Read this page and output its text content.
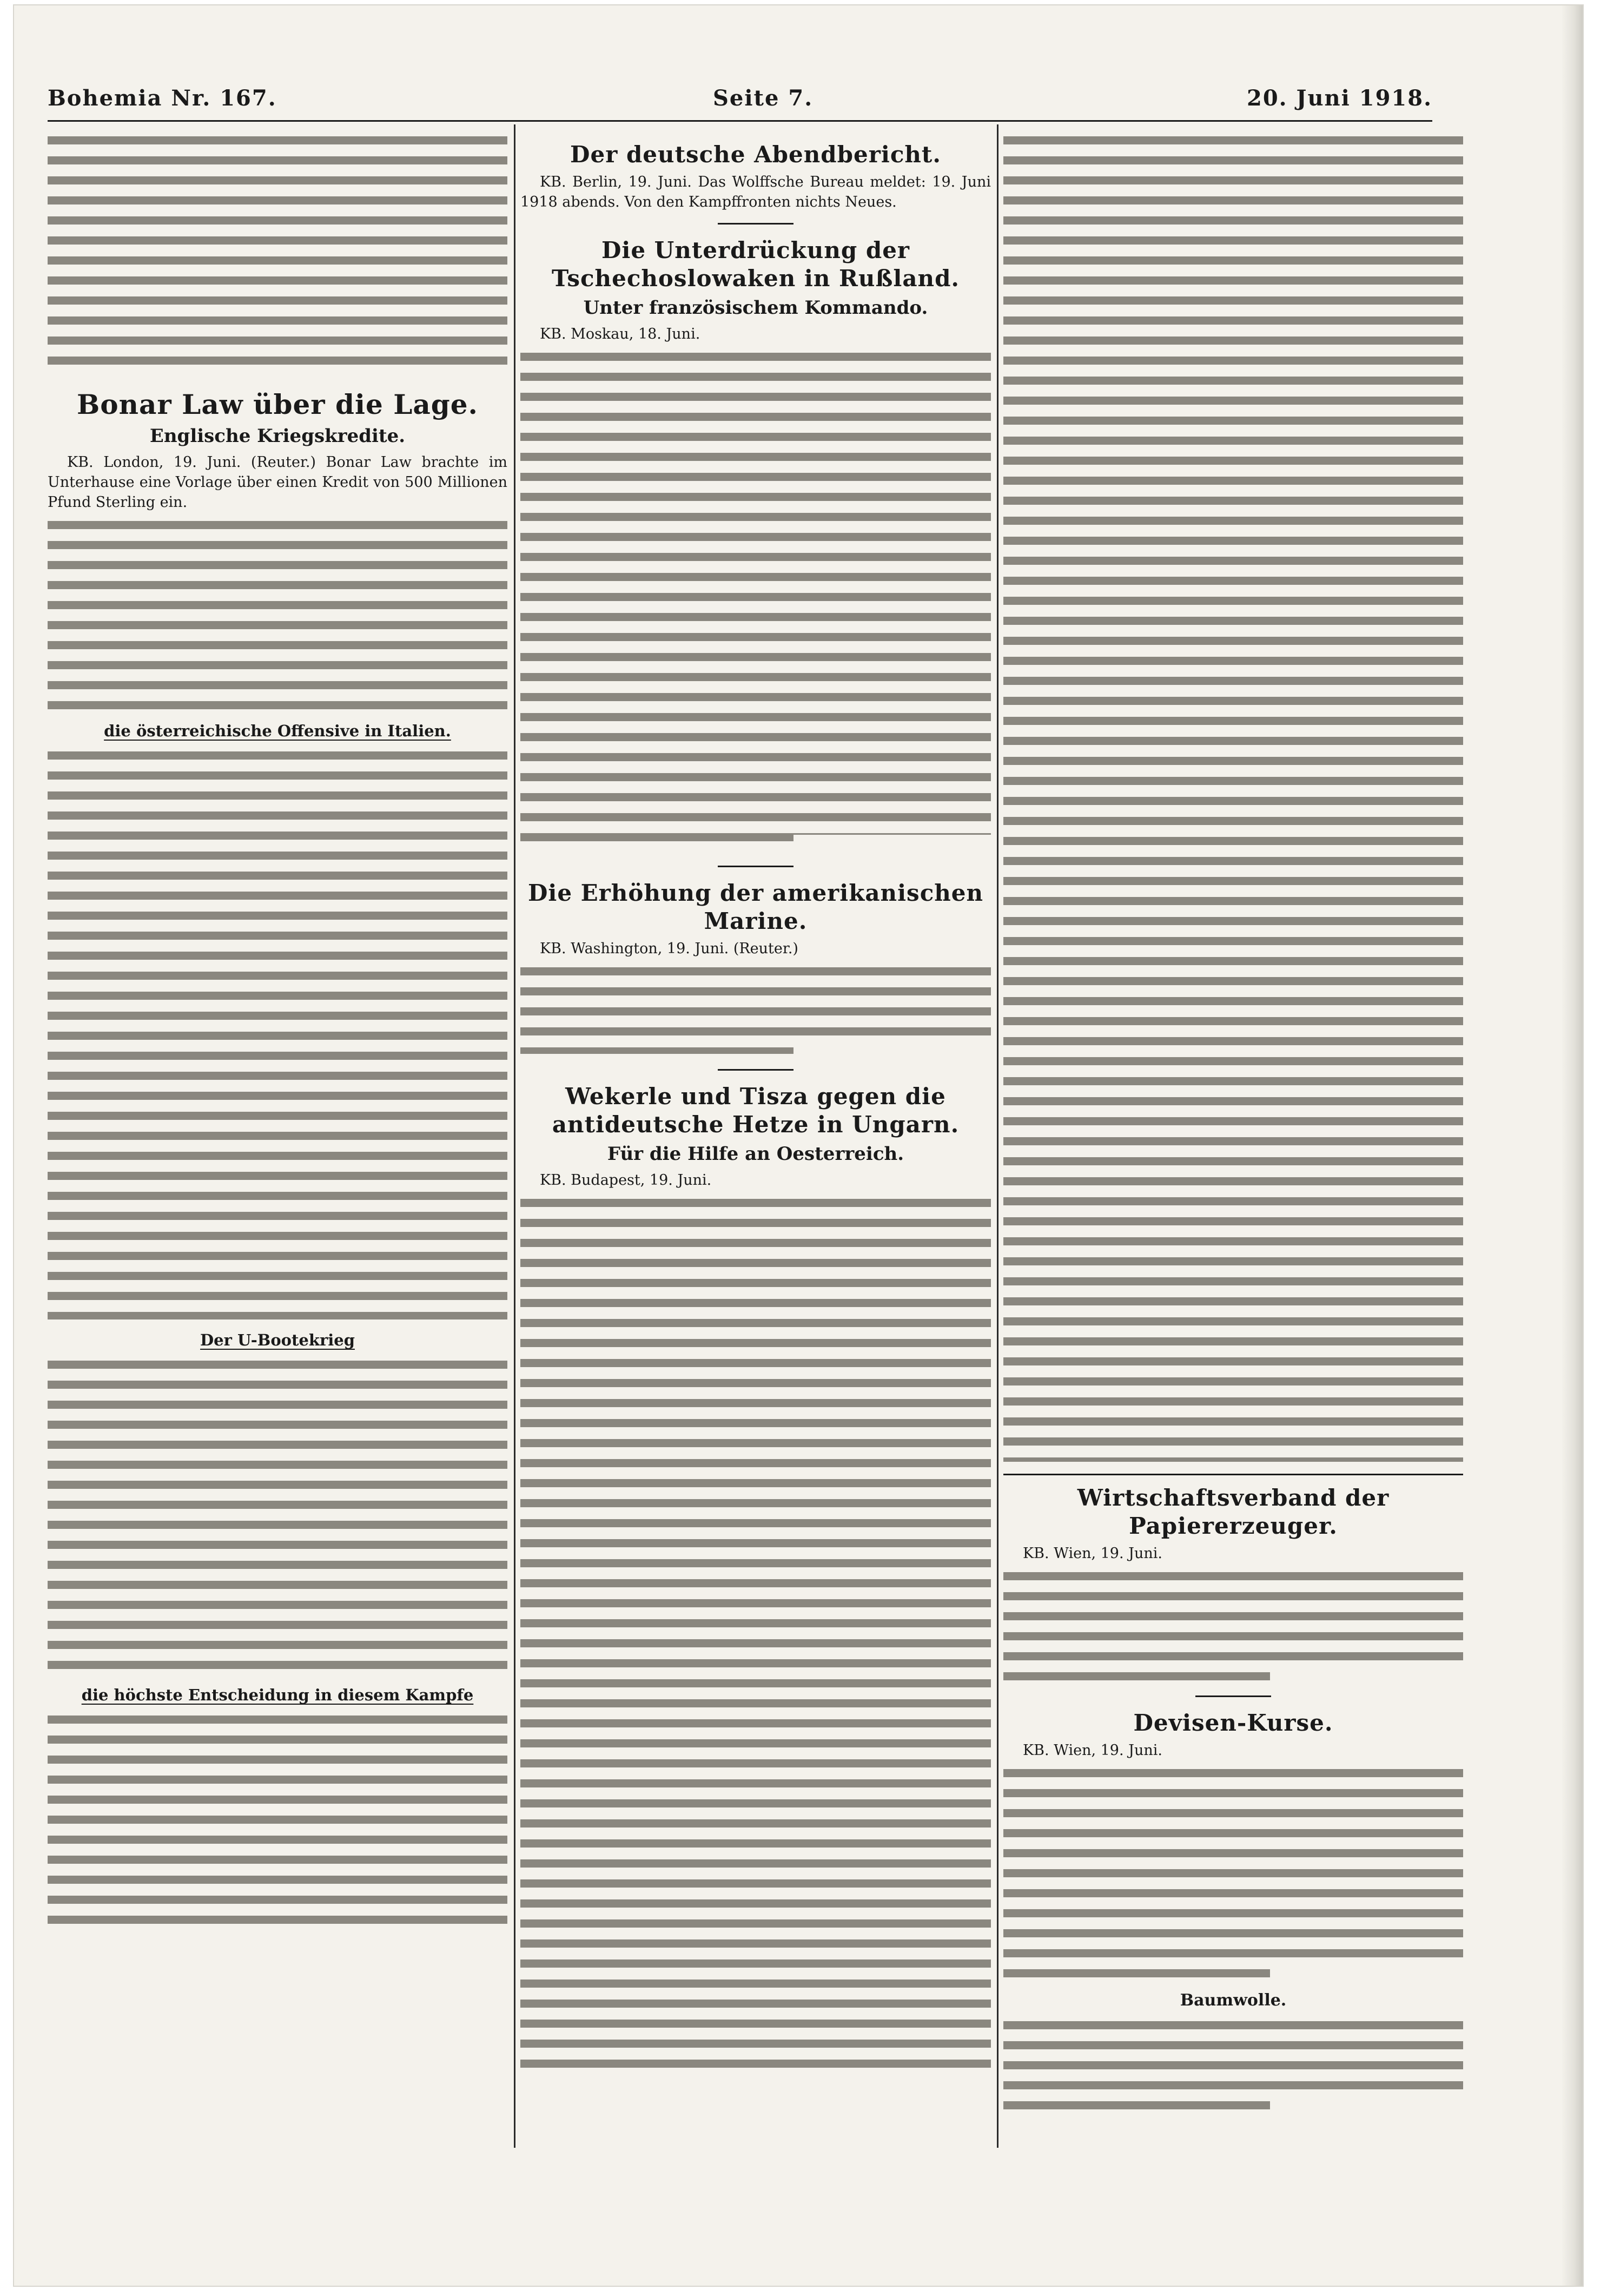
Bohemia Nr. 167.	Seite 7.	20. Juni 1918.
Bonar Law über die Lage.
Englische Kriegskredite.

KB. London, 19. Juni. (Reuter.) Bonar Law brachte im Unterhause eine Vorlage über einen Kredit von 500 Millionen Pfund Sterling ein.

die österreichische Offensive in Italien.
Der U-Bootekrieg
die höchste Entscheidung in diesem Kampfe
Der deutsche Abendbericht.

KB. Berlin, 19. Juni. Das Wolffsche Bureau meldet: 19. Juni 1918 abends. Von den Kampffronten nichts Neues.

Die Unterdrückung der Tschechoslowaken in Rußland.
Unter französischem Kommando.

KB. Moskau, 18. Juni.

Die Erhöhung der amerikanischen Marine.

KB. Washington, 19. Juni. (Reuter.)

Wekerle und Tisza gegen die antideutsche Hetze in Ungarn.
Für die Hilfe an Oesterreich.

KB. Budapest, 19. Juni.

Wirtschaftsverband der Papiererzeuger.

KB. Wien, 19. Juni.

Devisen-Kurse.

KB. Wien, 19. Juni.

Baumwolle.
